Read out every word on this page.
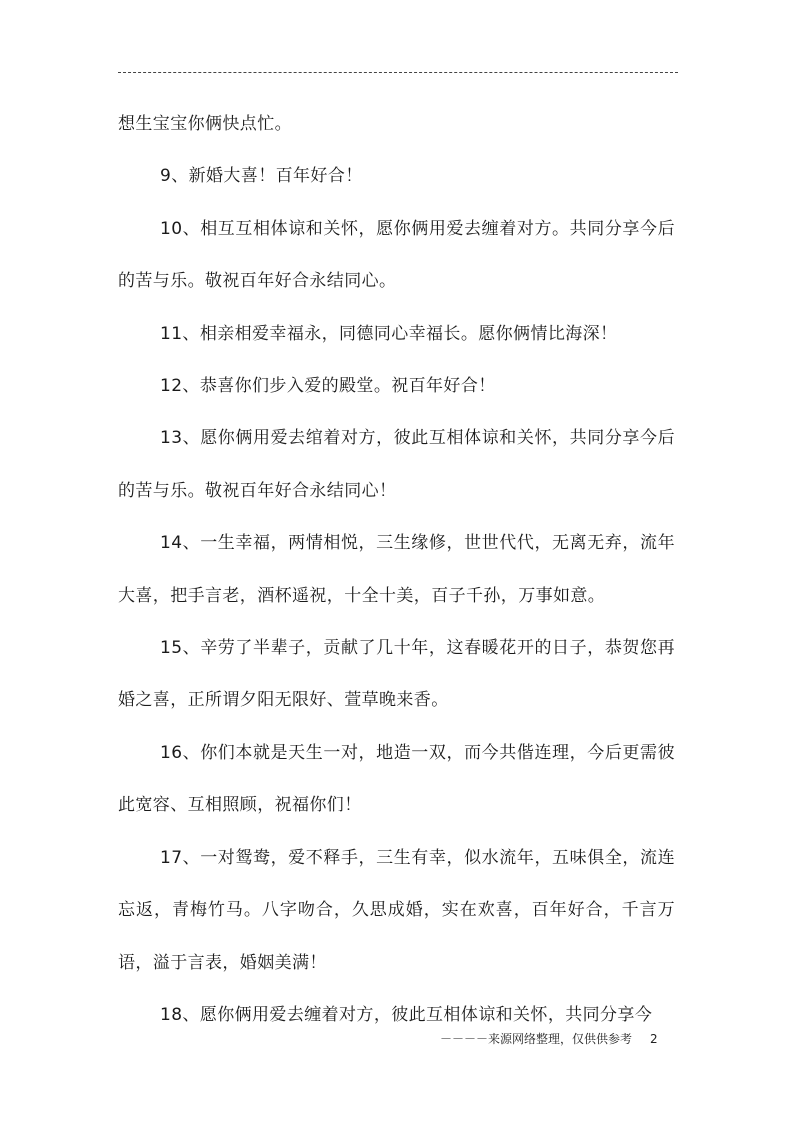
想生宝宝你俩快点忙。

9、新婚大喜！百年好合！

10、相互互相体谅和关怀，愿你俩用爱去缠着对方。共同分享今后的苦与乐。敬祝百年好合永结同心。

11、相亲相爱幸福永，同德同心幸福长。愿你俩情比海深！

12、恭喜你们步入爱的殿堂。祝百年好合！

13、愿你俩用爱去绾着对方，彼此互相体谅和关怀，共同分享今后的苦与乐。敬祝百年好合永结同心！

14、一生幸福，两情相悦，三生缘修，世世代代，无离无弃，流年大喜，把手言老，酒杯遥祝，十全十美，百子千孙，万事如意。

15、辛劳了半辈子，贡献了几十年，这春暖花开的日子，恭贺您再婚之喜，正所谓夕阳无限好、萱草晚来香。

16、你们本就是天生一对，地造一双，而今共偕连理，今后更需彼此宽容、互相照顾，祝福你们！

17、一对鸳鸯，爱不释手，三生有幸，似水流年，五味俱全，流连忘返，青梅竹马。八字吻合，久思成婚，实在欢喜，百年好合，千言万语，溢于言表，婚姻美满！

18、愿你俩用爱去缠着对方，彼此互相体谅和关怀，共同分享今

－－－－来源网络整理，仅供供参考 2
